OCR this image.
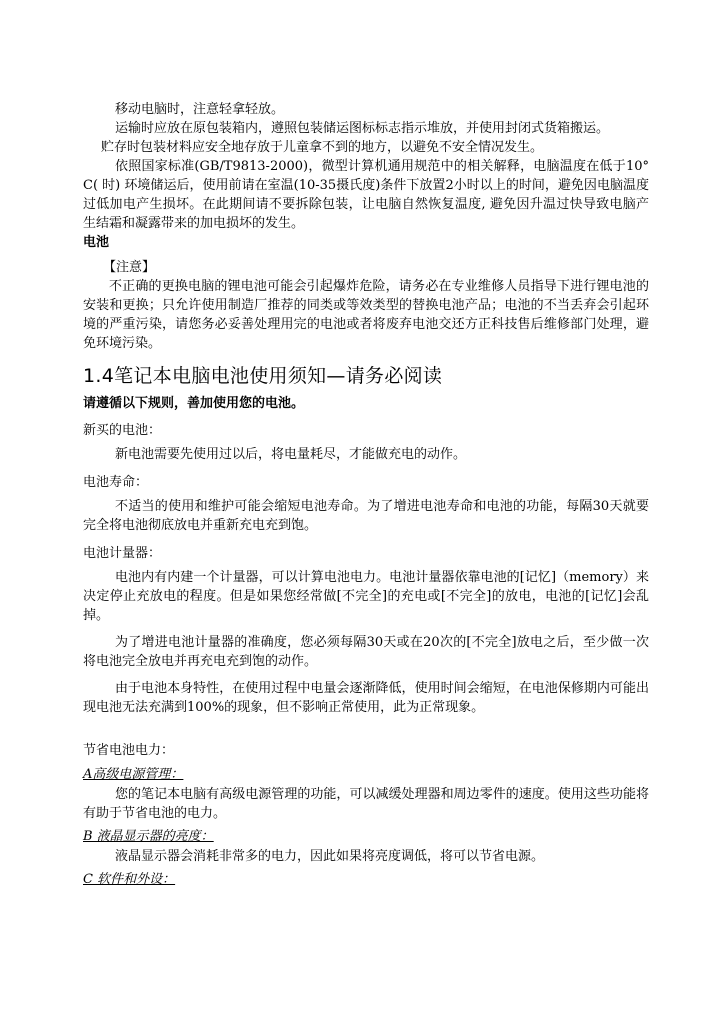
移动电脑时，注意轻拿轻放。

运输时应放在原包装箱内，遵照包装储运图标标志指示堆放，并使用封闭式货箱搬运。

贮存时包装材料应安全地存放于儿童拿不到的地方，以避免不安全情况发生。

依照国家标准(GB/T9813-2000)，微型计算机通用规范中的相关解释，电脑温度在低于10° C( 时) 环境储运后，使用前请在室温(10-35摄氏度)条件下放置2小时以上的时间，避免因电脑温度过低加电产生损坏。在此期间请不要拆除包装，让电脑自然恢复温度, 避免因升温过快导致电脑产生结霜和凝露带来的加电损坏的发生。

电池

【注意】

不正确的更换电脑的锂电池可能会引起爆炸危险，请务必在专业维修人员指导下进行锂电池的安装和更换；只允许使用制造厂推荐的同类或等效类型的替换电池产品；电池的不当丢弃会引起环境的严重污染，请您务必妥善处理用完的电池或者将废弃电池交还方正科技售后维修部门处理，避免环境污染。

1.4笔记本电脑电池使用须知—请务必阅读

请遵循以下规则，善加使用您的电池。

新买的电池：

新电池需要先使用过以后，将电量耗尽，才能做充电的动作。

电池寿命：

不适当的使用和维护可能会缩短电池寿命。为了增进电池寿命和电池的功能，每隔30天就要完全将电池彻底放电并重新充电充到饱。

电池计量器：

电池内有内建一个计量器，可以计算电池电力。电池计量器依靠电池的[记忆]（memory）来决定停止充放电的程度。但是如果您经常做[不完全]的充电或[不完全]的放电，电池的[记忆]会乱掉。

为了增进电池计量器的准确度，您必须每隔30天或在20次的[不完全]放电之后，至少做一次将电池完全放电并再充电充到饱的动作。

由于电池本身特性，在使用过程中电量会逐渐降低，使用时间会缩短，在电池保修期内可能出现电池无法充满到100%的现象，但不影响正常使用，此为正常现象。

节省电池电力：

A高级电源管理：

您的笔记本电脑有高级电源管理的功能，可以减缓处理器和周边零件的速度。使用这些功能将有助于节省电池的电力。

B 液晶显示器的亮度：

液晶显示器会消耗非常多的电力，因此如果将亮度调低，将可以节省电源。

C 软件和外设：
